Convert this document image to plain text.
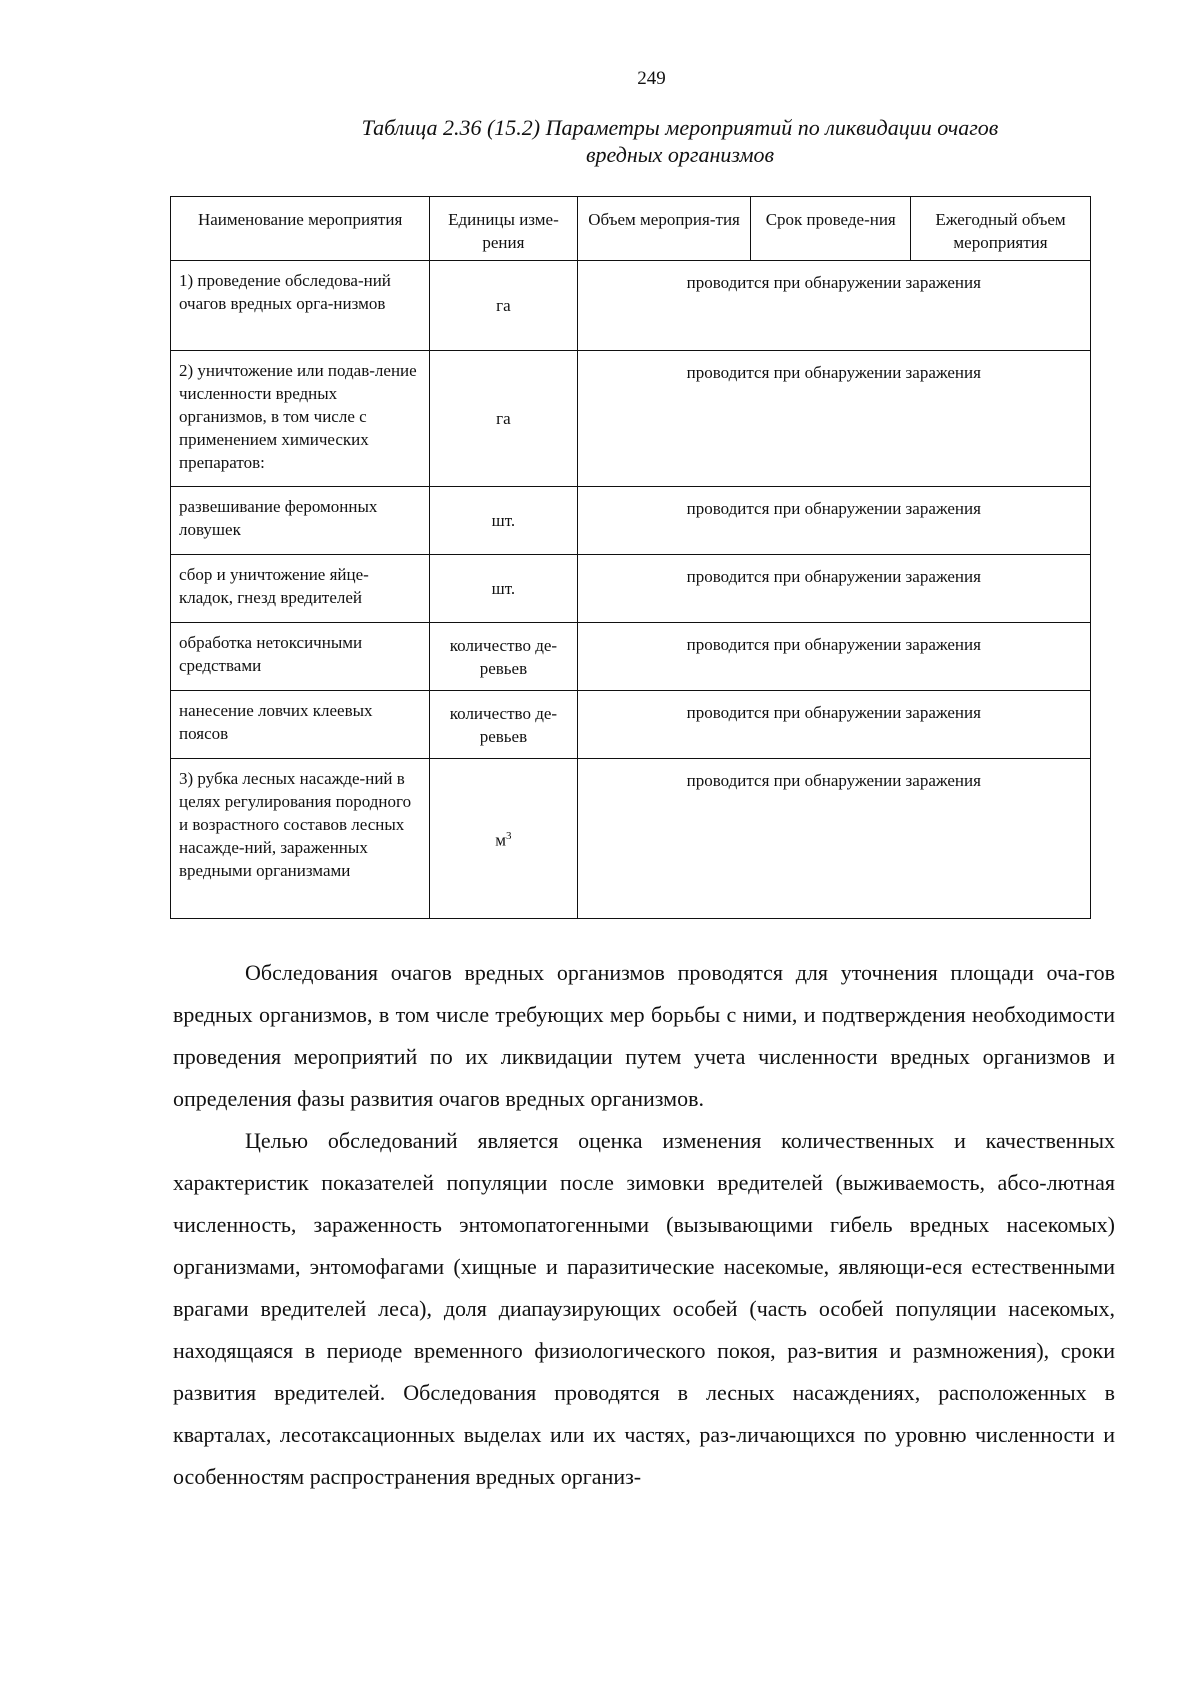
249
Таблица 2.36 (15.2) Параметры мероприятий по ликвидации очагов
вредных организмов
Наименование мероприятия	Единицы изме-рения	Объем мероприя-тия	Срок проведе-ния	Ежегодный объем мероприятия
1) проведение обследова-ний очагов вредных орга-низмов	га	проводится при обнаружении заражения		
2) уничтожение или подав-ление численности вредных организмов, в том числе с применением химических препаратов:	га	проводится при обнаружении заражения		
развешивание феромонных ловушек	шт.	проводится при обнаружении заражения		
сбор и уничтожение яйце-кладок, гнезд вредителей	шт.	проводится при обнаружении заражения		
обработка нетоксичными средствами	количество де-ревьев	проводится при обнаружении заражения		
нанесение ловчих клеевых поясов	количество де-ревьев	проводится при обнаружении заражения		
3) рубка лесных насажде-ний в целях регулирования породного и возрастного составов лесных насажде-ний, зараженных вредными организмами	$м^3$	проводится при обнаружении заражения		

Обследования очагов вредных организмов проводятся для уточнения площади оча-гов вредных организмов, в том числе требующих мер борьбы с ними, и подтверждения необходимости проведения мероприятий по их ликвидации путем учета численности вредных организмов и определения фазы развития очагов вредных организмов.

Целью обследований является оценка изменения количественных и качественных характеристик показателей популяции после зимовки вредителей (выживаемость, абсо-лютная численность, зараженность энтомопатогенными (вызывающими гибель вредных насекомых) организмами, энтомофагами (хищные и паразитические насекомые, являющи-еся естественными врагами вредителей леса), доля диапаузирующих особей (часть особей популяции насекомых, находящаяся в периоде временного физиологического покоя, раз-вития и размножения), сроки развития вредителей. Обследования проводятся в лесных насаждениях, расположенных в кварталах, лесотаксационных выделах или их частях, раз-личающихся по уровню численности и особенностям распространения вредных организ-
